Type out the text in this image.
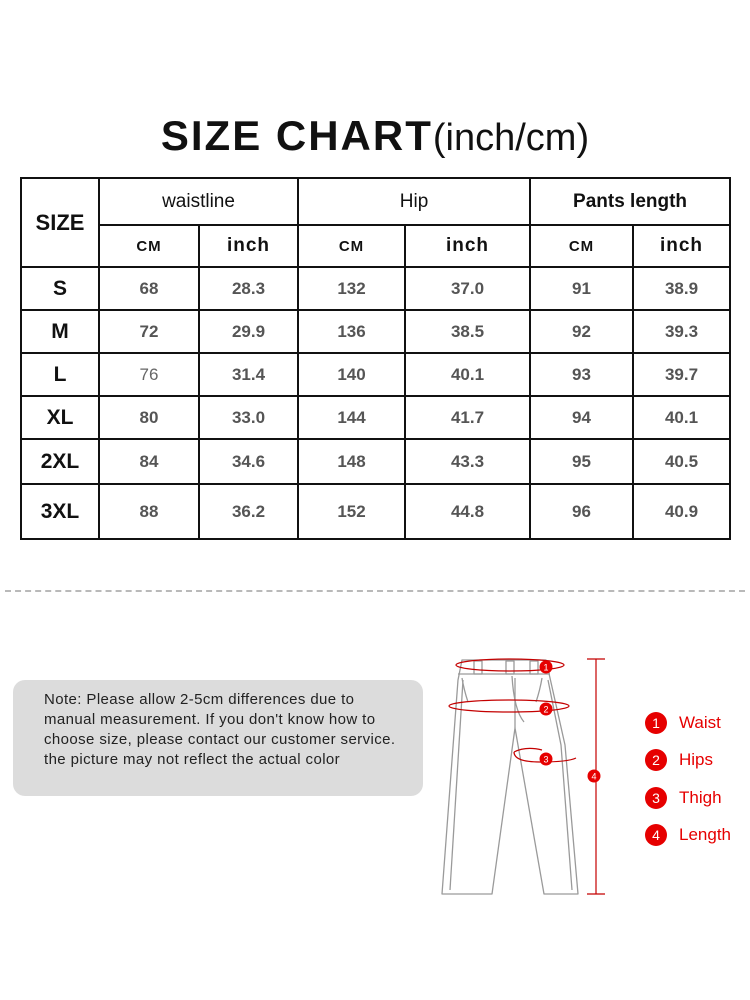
SIZE CHART(inch/cm)
SIZE	waistline		Hip		Pants length	
	CM	inch	CM	inch	CM	inch
S	68	28.3	132	37.0	91	38.9
M	72	29.9	136	38.5	92	39.3
L	76	31.4	140	40.1	93	39.7
XL	80	33.0	144	41.7	94	40.1
2XL	84	34.6	148	43.3	95	40.5
3XL	88	36.2	152	44.8	96	40.9
Note: Please allow 2-5cm differences due to manual measurement. If you don't know how to choose size, please contact our customer service. the picture may not reflect the actual color
1
2
3
4
1	Waist
2	Hips
3	Thigh
4	Length
